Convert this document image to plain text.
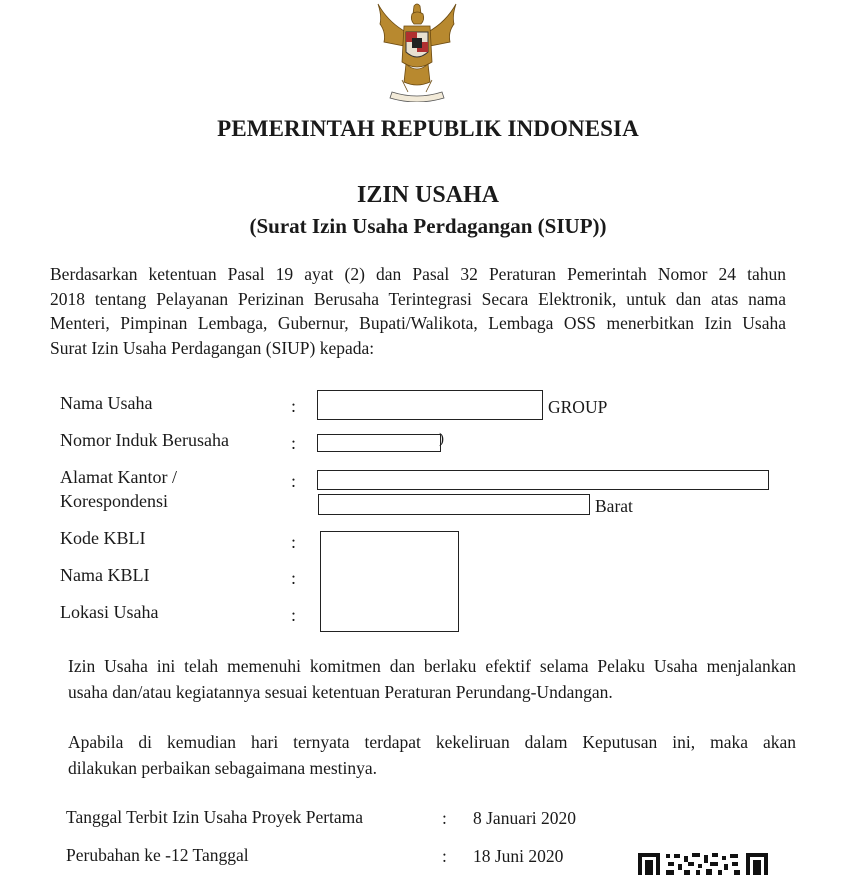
PEMERINTAH REPUBLIK INDONESIA
IZIN USAHA
(Surat Izin Usaha Perdagangan (SIUP))
Berdasarkan ketentuan Pasal 19 ayat (2) dan Pasal 32 Peraturan Pemerintah Nomor 24 tahun
2018 tentang Pelayanan Perizinan Berusaha Terintegrasi Secara Elektronik, untuk dan atas nama
Menteri, Pimpinan Lembaga, Gubernur, Bupati/Walikota, Lembaga OSS menerbitkan Izin Usaha
Surat Izin Usaha Perdagangan (SIUP) kepada:
Nama Usaha	:	GROUP
Nomor Induk Berusaha	:	)
Alamat Kantor /
Korespondensi
:
Barat
Kode KBLI	:
Nama KBLI	:
Lokasi Usaha	:
Izin Usaha ini telah memenuhi komitmen dan berlaku efektif selama Pelaku Usaha menjalankan
usaha dan/atau kegiatannya sesuai ketentuan Peraturan Perundang-Undangan.
Apabila di kemudian hari ternyata terdapat kekeliruan dalam Keputusan ini, maka akan
dilakukan perbaikan sebagaimana mestinya.
Tanggal Terbit Izin Usaha Proyek Pertama	: 8 Januari 2020
Perubahan ke -12 Tanggal	: 18 Juni 2020
